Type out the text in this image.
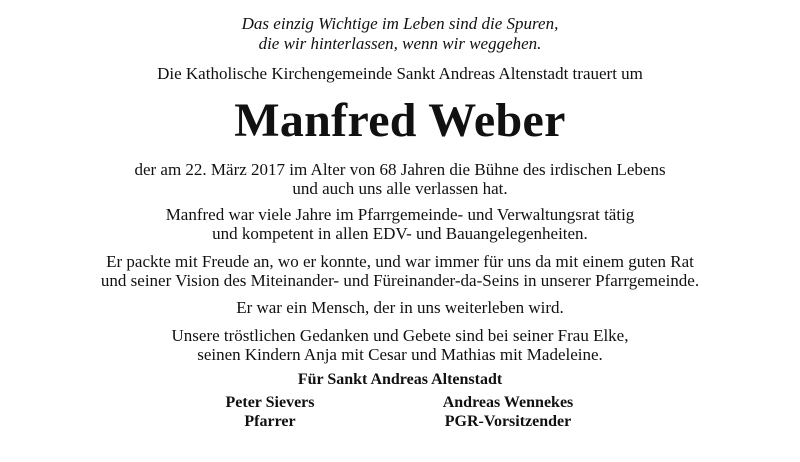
Das einzig Wichtige im Leben sind die Spuren,
die wir hinterlassen, wenn wir weggehen.
Die Katholische Kirchengemeinde Sankt Andreas Altenstadt trauert um
Manfred Weber
der am 22. März 2017 im Alter von 68 Jahren die Bühne des irdischen Lebens
und auch uns alle verlassen hat.
Manfred war viele Jahre im Pfarrgemeinde- und Verwaltungsrat tätig
und kompetent in allen EDV- und Bauangelegenheiten.
Er packte mit Freude an, wo er konnte, und war immer für uns da mit einem guten Rat
und seiner Vision des Miteinander- und Füreinander-da-Seins in unserer Pfarrgemeinde.
Er war ein Mensch, der in uns weiterleben wird.
Unsere tröstlichen Gedanken und Gebete sind bei seiner Frau Elke,
seinen Kindern Anja mit Cesar und Mathias mit Madeleine.
Für Sankt Andreas Altenstadt
Peter Sievers
Pfarrer
Andreas Wennekes
PGR-Vorsitzender
